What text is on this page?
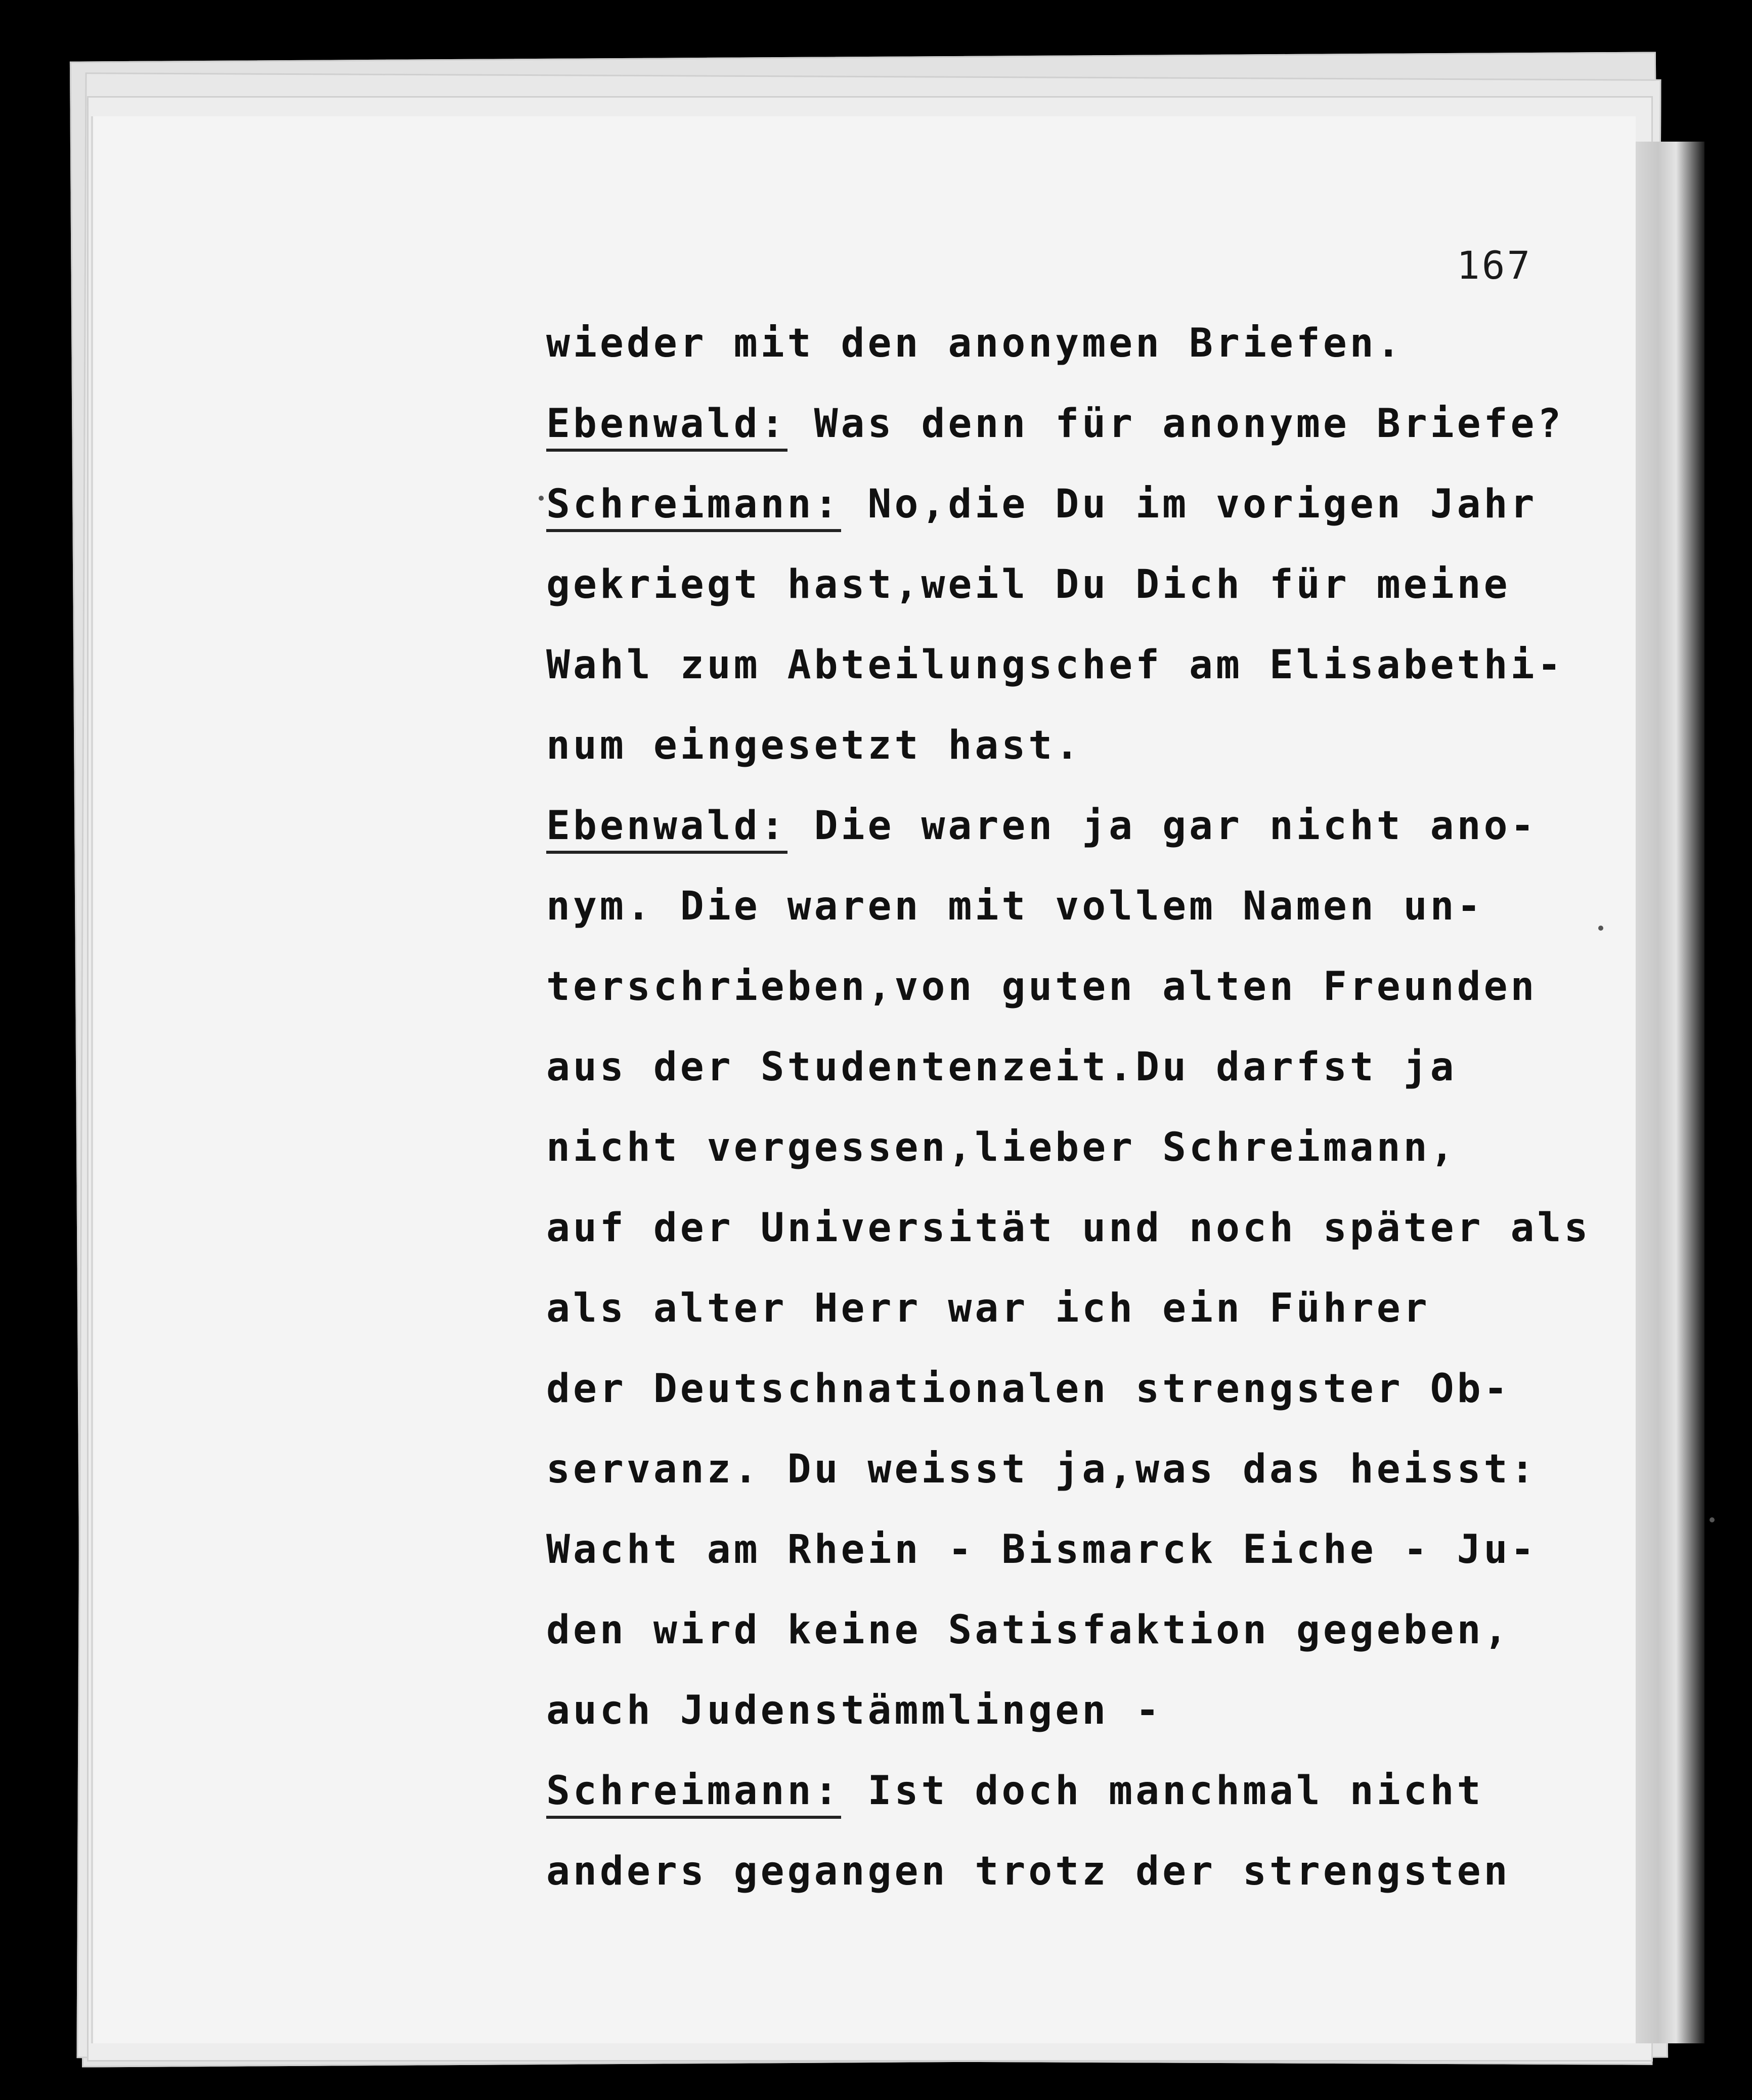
167
wieder mit den anonymen Briefen.
Ebenwald: Was denn für anonyme Briefe?
Schreimann: No,die Du im vorigen Jahr
gekriegt hast,weil Du Dich für meine
Wahl zum Abteilungschef am Elisabethi-
num eingesetzt hast.
Ebenwald: Die waren ja gar nicht ano-
nym. Die waren mit vollem Namen un-
terschrieben,von guten alten Freunden
aus der Studentenzeit.Du darfst ja
nicht vergessen,lieber Schreimann,
auf der Universität und noch später als
als alter Herr war ich ein Führer
der Deutschnationalen strengster Ob-
servanz. Du weisst ja,was das heisst:
Wacht am Rhein - Bismarck Eiche - Ju-
den wird keine Satisfaktion gegeben,
auch Judenstämmlingen -
Schreimann: Ist doch manchmal nicht
anders gegangen trotz der strengsten
